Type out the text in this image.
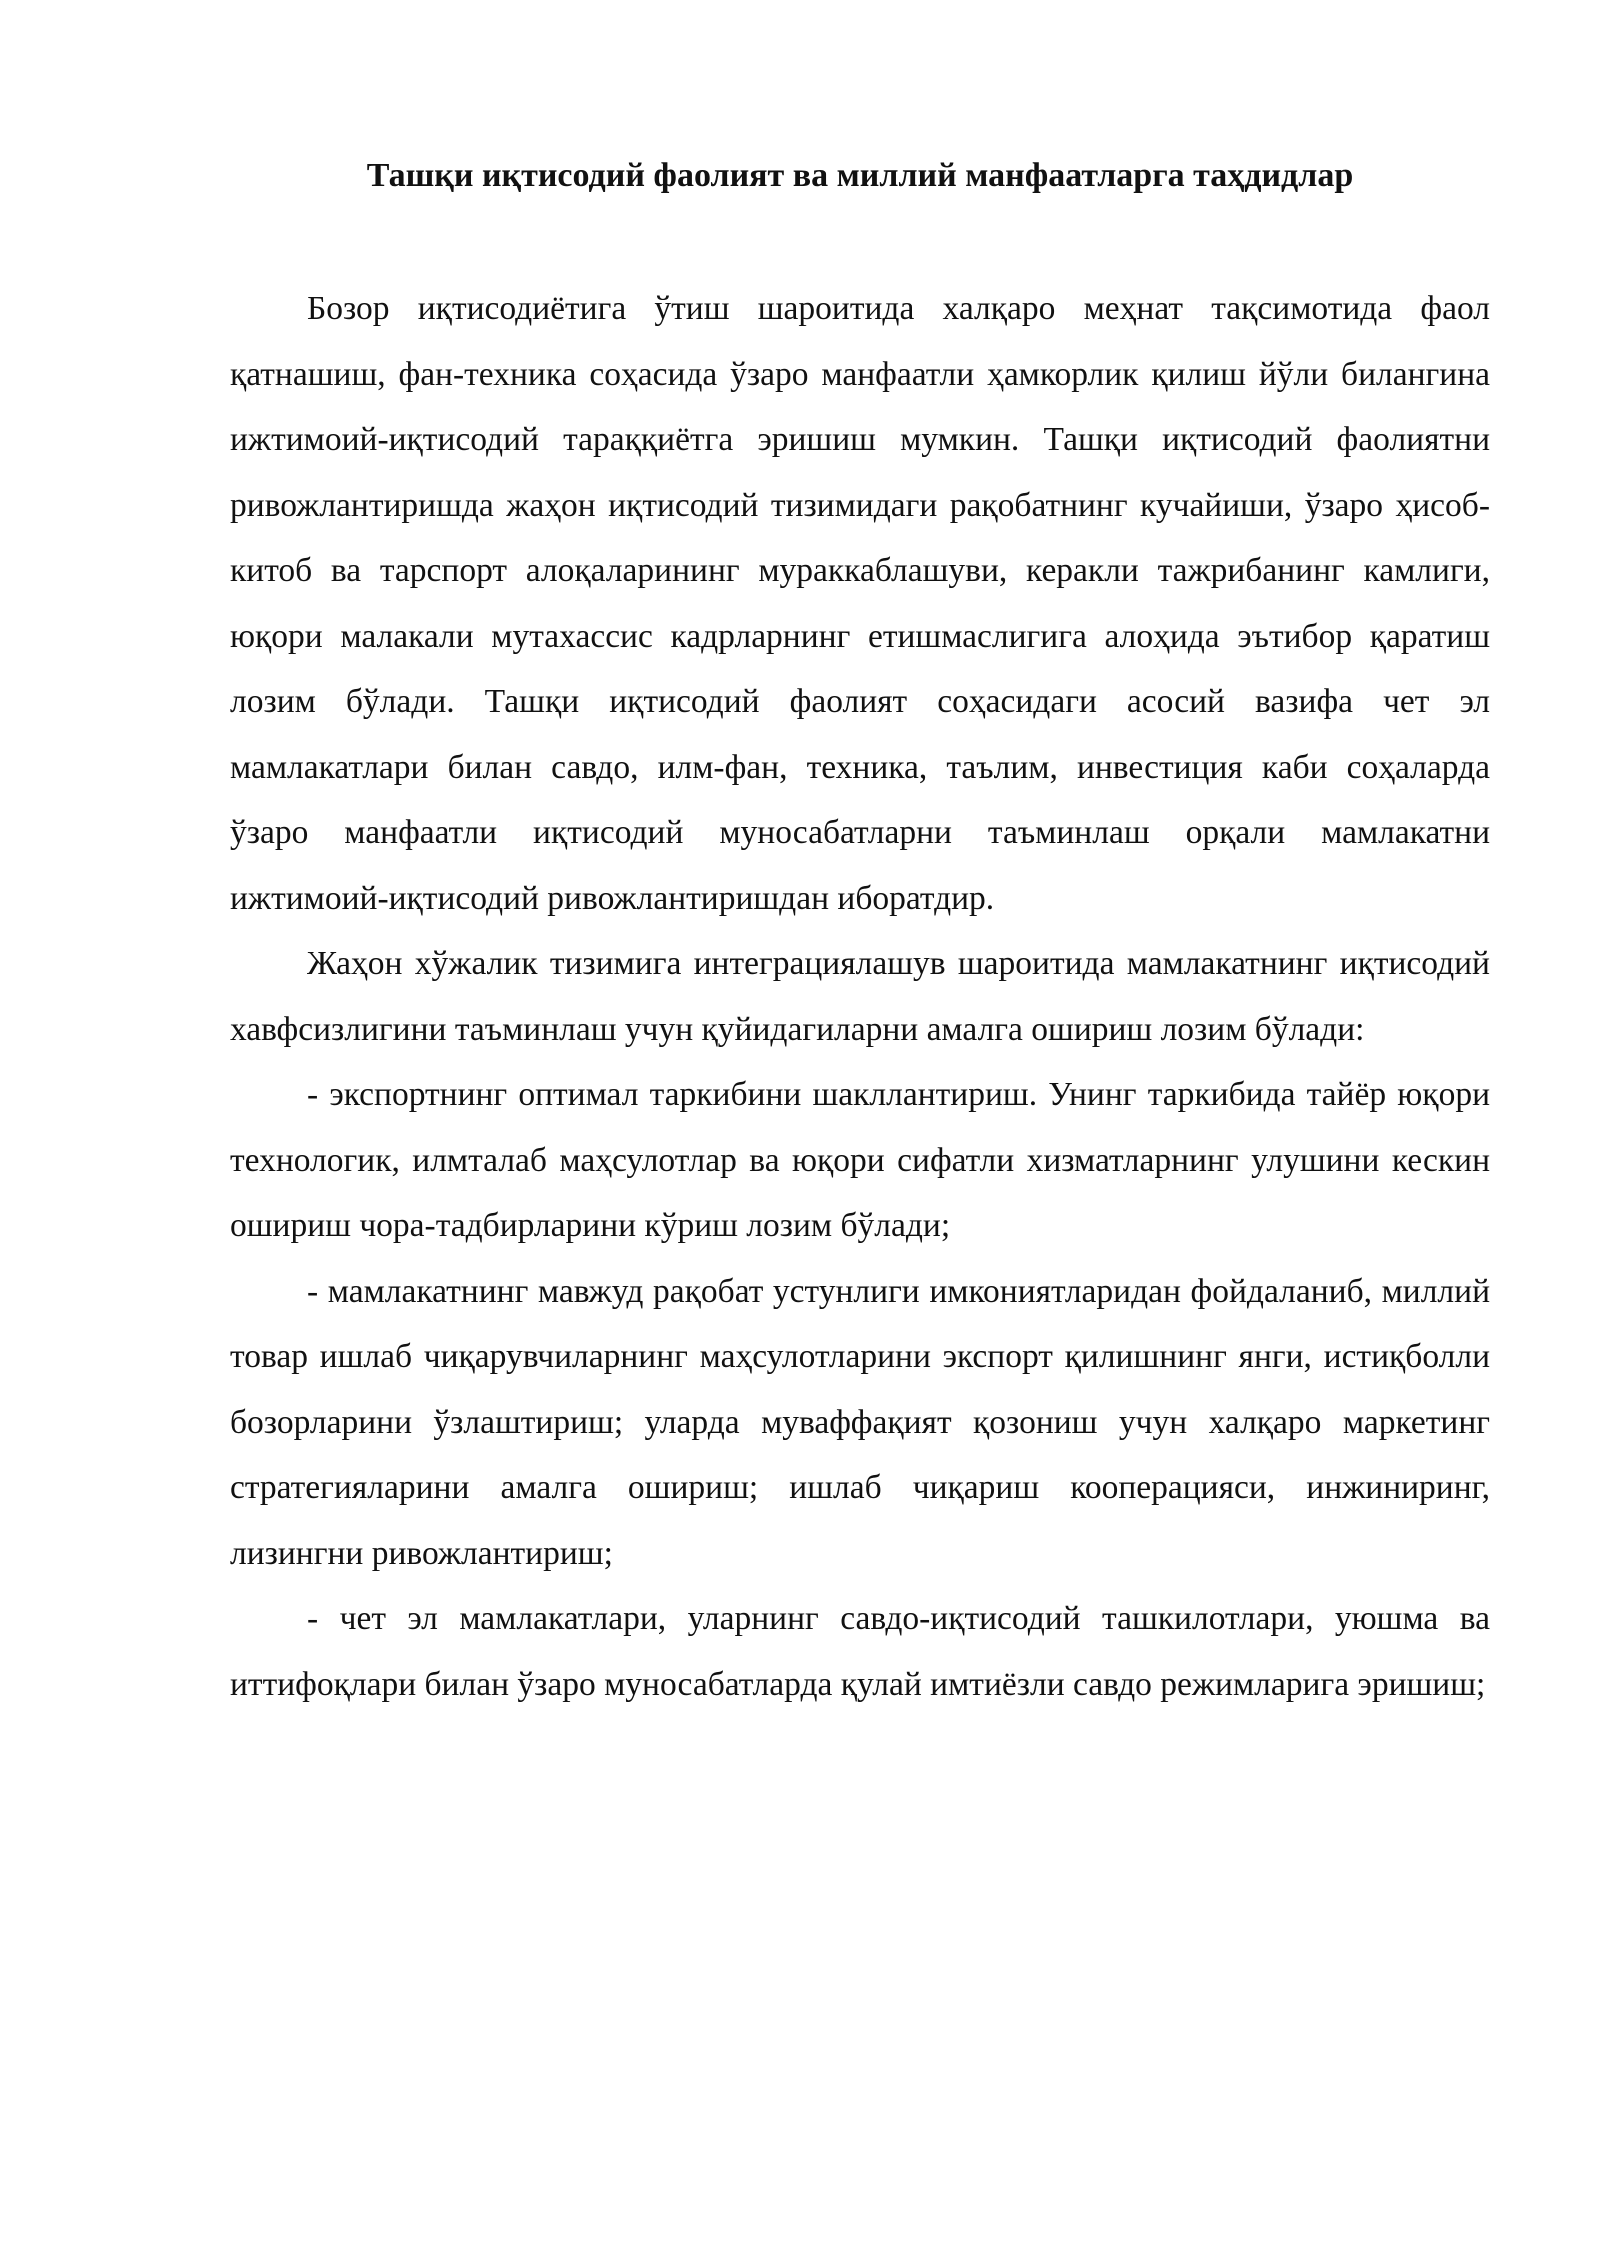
Ташқи иқтисодий фаолият ва миллий манфаатларга таҳдидлар

Бозор иқтисодиётига ўтиш шароитида халқаро меҳнат тақсимотида фаол қатнашиш, фан-техника соҳасида ўзаро манфаатли ҳамкорлик қилиш йўли билангина ижтимоий-иқтисодий тараққиётга эришиш мумкин. Ташқи иқтисодий фаолиятни ривожлантиришда жаҳон иқтисодий тизимидаги рақобатнинг кучайиши, ўзаро ҳисоб-китоб ва тарспорт алоқаларининг мураккаблашуви, керакли тажрибанинг камлиги, юқори малакали мутахассис кадрларнинг етишмаслигига алоҳида эътибор қаратиш лозим бўлади. Ташқи иқтисодий фаолият соҳасидаги асосий вазифа чет эл мамлакатлари билан савдо, илм-фан, техника, таълим, инвестиция каби соҳаларда ўзаро манфаатли иқтисодий муносабатларни таъминлаш орқали мамлакатни ижтимоий-иқтисодий ривожлантиришдан иборатдир.

Жаҳон хўжалик тизимига интеграциялашув шароитида мамлакатнинг иқтисодий хавфсизлигини таъминлаш учун қуйидагиларни амалга ошириш лозим бўлади:

- экспортнинг оптимал таркибини шакллантириш. Унинг таркибида тайёр юқори технологик, илмталаб маҳсулотлар ва юқори сифатли хизматларнинг улушини кескин ошириш чора-тадбирларини кўриш лозим бўлади;

- мамлакатнинг мавжуд рақобат устунлиги имкониятларидан фойдаланиб, миллий товар ишлаб чиқарувчиларнинг маҳсулотларини экспорт қилишнинг янги, истиқболли бозорларини ўзлаштириш; уларда муваффақият қозониш учун халқаро маркетинг стратегияларини амалга ошириш; ишлаб чиқариш кооперацияси, инжиниринг, лизингни ривожлантириш;

- чет эл мамлакатлари, уларнинг савдо-иқтисодий ташкилотлари, уюшма ва иттифоқлари билан ўзаро муносабатларда қулай имтиёзли савдо режимларига эришиш;
